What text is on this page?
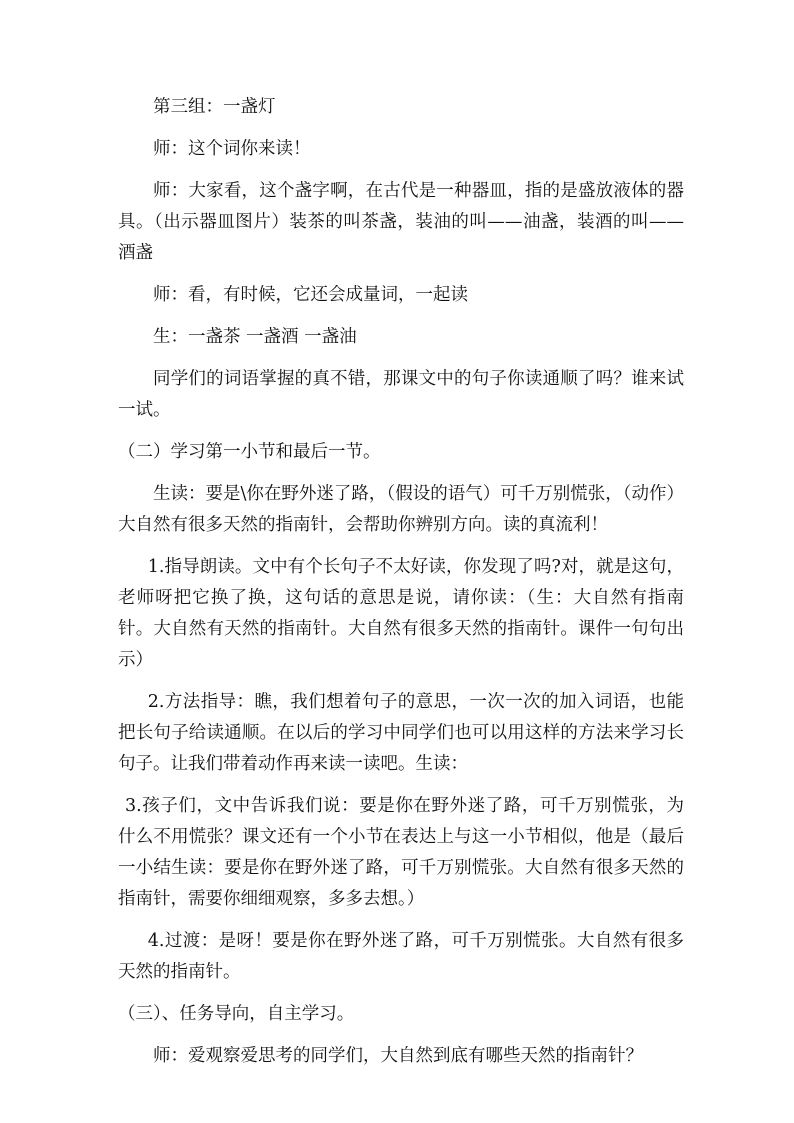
第三组：一盏灯

师：这个词你来读！

师：大家看，这个盏字啊，在古代是一种器皿，指的是盛放液体的器具。（出示器皿图片）装茶的叫茶盏，装油的叫——油盏，装酒的叫——酒盏

师：看，有时候，它还会成量词，一起读

生：一盏茶 一盏酒 一盏油

同学们的词语掌握的真不错，那课文中的句子你读通顺了吗？谁来试一试。

（二）学习第一小节和最后一节。

生读：要是\你在野外迷了路，（假设的语气）可千万别慌张，（动作）大自然有很多天然的指南针，会帮助你辨别方向。读的真流利！

1.指导朗读。文中有个长句子不太好读，你发现了吗?对，就是这句，老师呀把它换了换，这句话的意思是说，请你读：（生：大自然有指南针。大自然有天然的指南针。大自然有很多天然的指南针。课件一句句出示）

2.方法指导：瞧，我们想着句子的意思，一次一次的加入词语，也能把长句子给读通顺。在以后的学习中同学们也可以用这样的方法来学习长句子。让我们带着动作再来读一读吧。生读：

3.孩子们，文中告诉我们说：要是你在野外迷了路，可千万别慌张，为什么不用慌张？课文还有一个小节在表达上与这一小节相似，他是（最后一小结生读：要是你在野外迷了路，可千万别慌张。大自然有很多天然的指南针，需要你细细观察，多多去想。）

4.过渡：是呀！要是你在野外迷了路，可千万别慌张。大自然有很多天然的指南针。

（三）、任务导向，自主学习。

师：爱观察爱思考的同学们，大自然到底有哪些天然的指南针？
